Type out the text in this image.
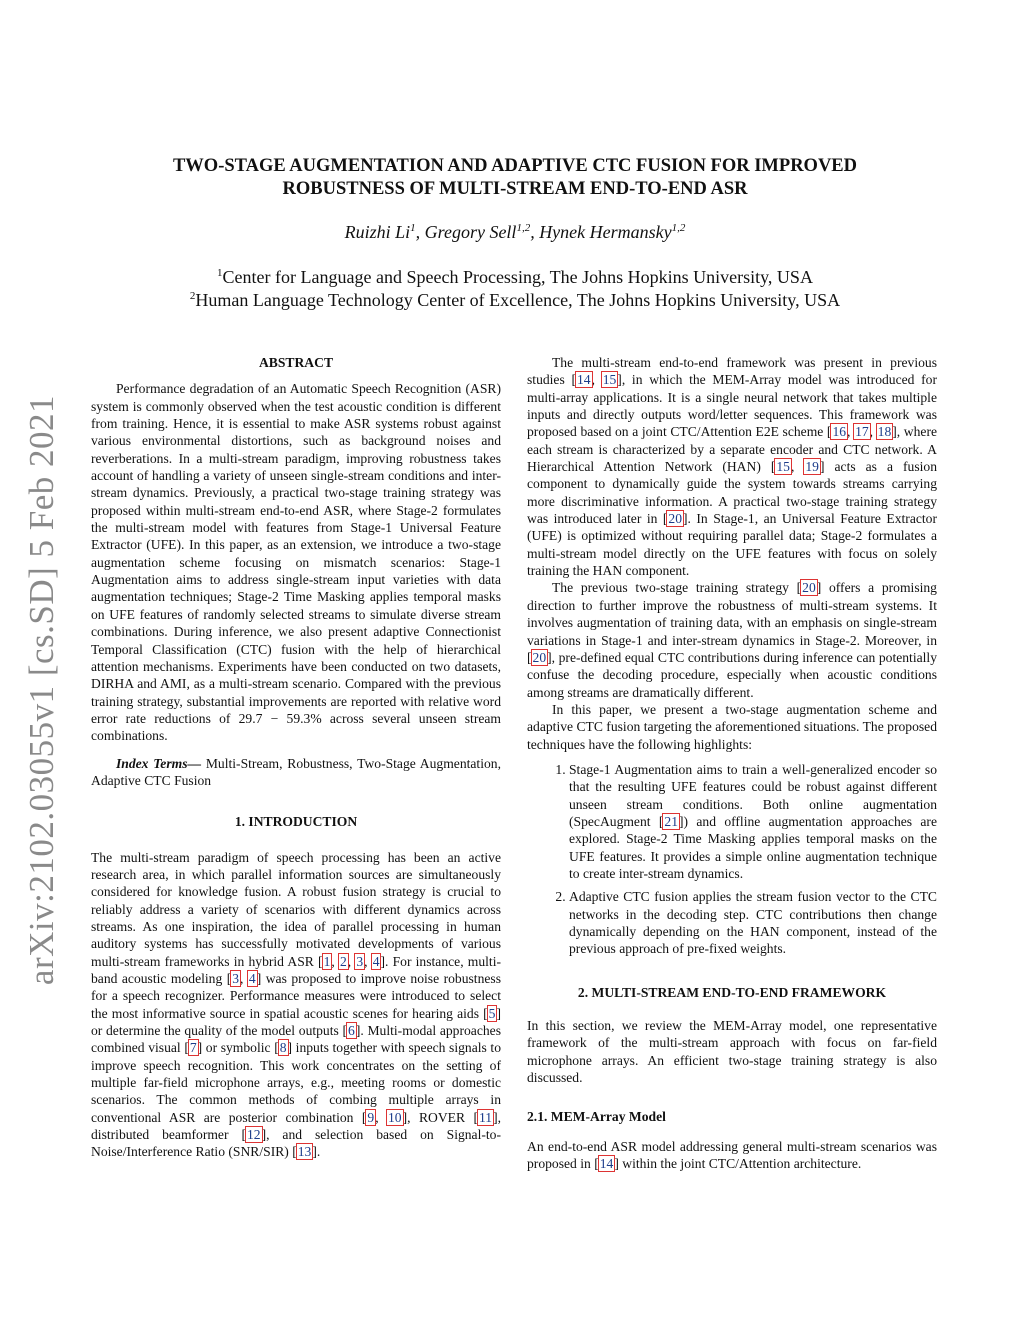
arXiv:2102.03055v1 [cs.SD] 5 Feb 2021
TWO-STAGE AUGMENTATION AND ADAPTIVE CTC FUSION FOR IMPROVED
ROBUSTNESS OF MULTI-STREAM END-TO-END ASR
Ruizhi Li$^1$, Gregory Sell$^{1,2}$, Hynek Hermansky$^{1,2}$
$^1$Center for Language and Speech Processing, The Johns Hopkins University, USA
$^2$Human Language Technology Center of Excellence, The Johns Hopkins University, USA
ABSTRACT

Performance degradation of an Automatic Speech Recognition (ASR) system is commonly observed when the test acoustic condition is different from training. Hence, it is essential to make ASR systems robust against various environmental distortions, such as background noises and reverberations. In a multi-stream paradigm, improving robustness takes account of handling a variety of unseen single-stream conditions and inter-stream dynamics. Previously, a practical two-stage training strategy was proposed within multi-stream end-to-end ASR, where Stage-2 formulates the multi-stream model with features from Stage-1 Universal Feature Extractor (UFE). In this paper, as an extension, we introduce a two-stage augmentation scheme focusing on mismatch scenarios: Stage-1 Augmentation aims to address single-stream input varieties with data augmentation techniques; Stage-2 Time Masking applies temporal masks on UFE features of randomly selected streams to simulate diverse stream combinations. During inference, we also present adaptive Connectionist Temporal Classification (CTC) fusion with the help of hierarchical attention mechanisms. Experiments have been conducted on two datasets, DIRHA and AMI, as a multi-stream scenario. Compared with the previous training strategy, substantial improvements are reported with relative word error rate reductions of 29.7 − 59.3% across several unseen stream combinations.

Index Terms— Multi-Stream, Robustness, Two-Stage Augmentation, Adaptive CTC Fusion

1. INTRODUCTION

The multi-stream paradigm of speech processing has been an active research area, in which parallel information sources are simultaneously considered for knowledge fusion. A robust fusion strategy is crucial to reliably address a variety of scenarios with different dynamics across streams. As one inspiration, the idea of parallel processing in human auditory systems has successfully motivated developments of various multi-stream frameworks in hybrid ASR [1, 2, 3, 4]. For instance, multi-band acoustic modeling [3, 4] was proposed to improve noise robustness for a speech recognizer. Performance measures were introduced to select the most informative source in spatial acoustic scenes for hearing aids [5] or determine the quality of the model outputs [6]. Multi-modal approaches combined visual [7] or symbolic [8] inputs together with speech signals to improve speech recognition. This work concentrates on the setting of multiple far-field microphone arrays, e.g., meeting rooms or domestic scenarios. The common methods of combing multiple arrays in conventional ASR are posterior combination [9, 10], ROVER [11], distributed beamformer [12], and selection based on Signal-to-Noise/Interference Ratio (SNR/SIR) [13].

The multi-stream end-to-end framework was present in previous studies [14, 15], in which the MEM-Array model was introduced for multi-array applications. It is a single neural network that takes multiple inputs and directly outputs word/letter sequences. This framework was proposed based on a joint CTC/Attention E2E scheme [16, 17, 18], where each stream is characterized by a separate encoder and CTC network. A Hierarchical Attention Network (HAN) [15, 19] acts as a fusion component to dynamically guide the system towards streams carrying more discriminative information. A practical two-stage training strategy was introduced later in [20]. In Stage-1, an Universal Feature Extractor (UFE) is optimized without requiring parallel data; Stage-2 formulates a multi-stream model directly on the UFE features with focus on solely training the HAN component.

The previous two-stage training strategy [20] offers a promising direction to further improve the robustness of multi-stream systems. It involves augmentation of training data, with an emphasis on single-stream variations in Stage-1 and inter-stream dynamics in Stage-2. Moreover, in [20], pre-defined equal CTC contributions during inference can potentially confuse the decoding procedure, especially when acoustic conditions among streams are dramatically different.

In this paper, we present a two-stage augmentation scheme and adaptive CTC fusion targeting the aforementioned situations. The proposed techniques have the following highlights:

1. Stage-1 Augmentation aims to train a well-generalized encoder so that the resulting UFE features could be robust against different unseen stream conditions. Both online augmentation (SpecAugment [21]) and offline augmentation approaches are explored. Stage-2 Time Masking applies temporal masks on the UFE features. It provides a simple online augmentation technique to create inter-stream dynamics.
2. Adaptive CTC fusion applies the stream fusion vector to the CTC networks in the decoding step. CTC contributions then change dynamically depending on the HAN component, instead of the previous approach of pre-fixed weights.
2. MULTI-STREAM END-TO-END FRAMEWORK

In this section, we review the MEM-Array model, one representative framework of the multi-stream approach with focus on far-field microphone arrays. An efficient two-stage training strategy is also discussed.

2.1. MEM-Array Model

An end-to-end ASR model addressing general multi-stream scenarios was proposed in [14] within the joint CTC/Attention architecture.
